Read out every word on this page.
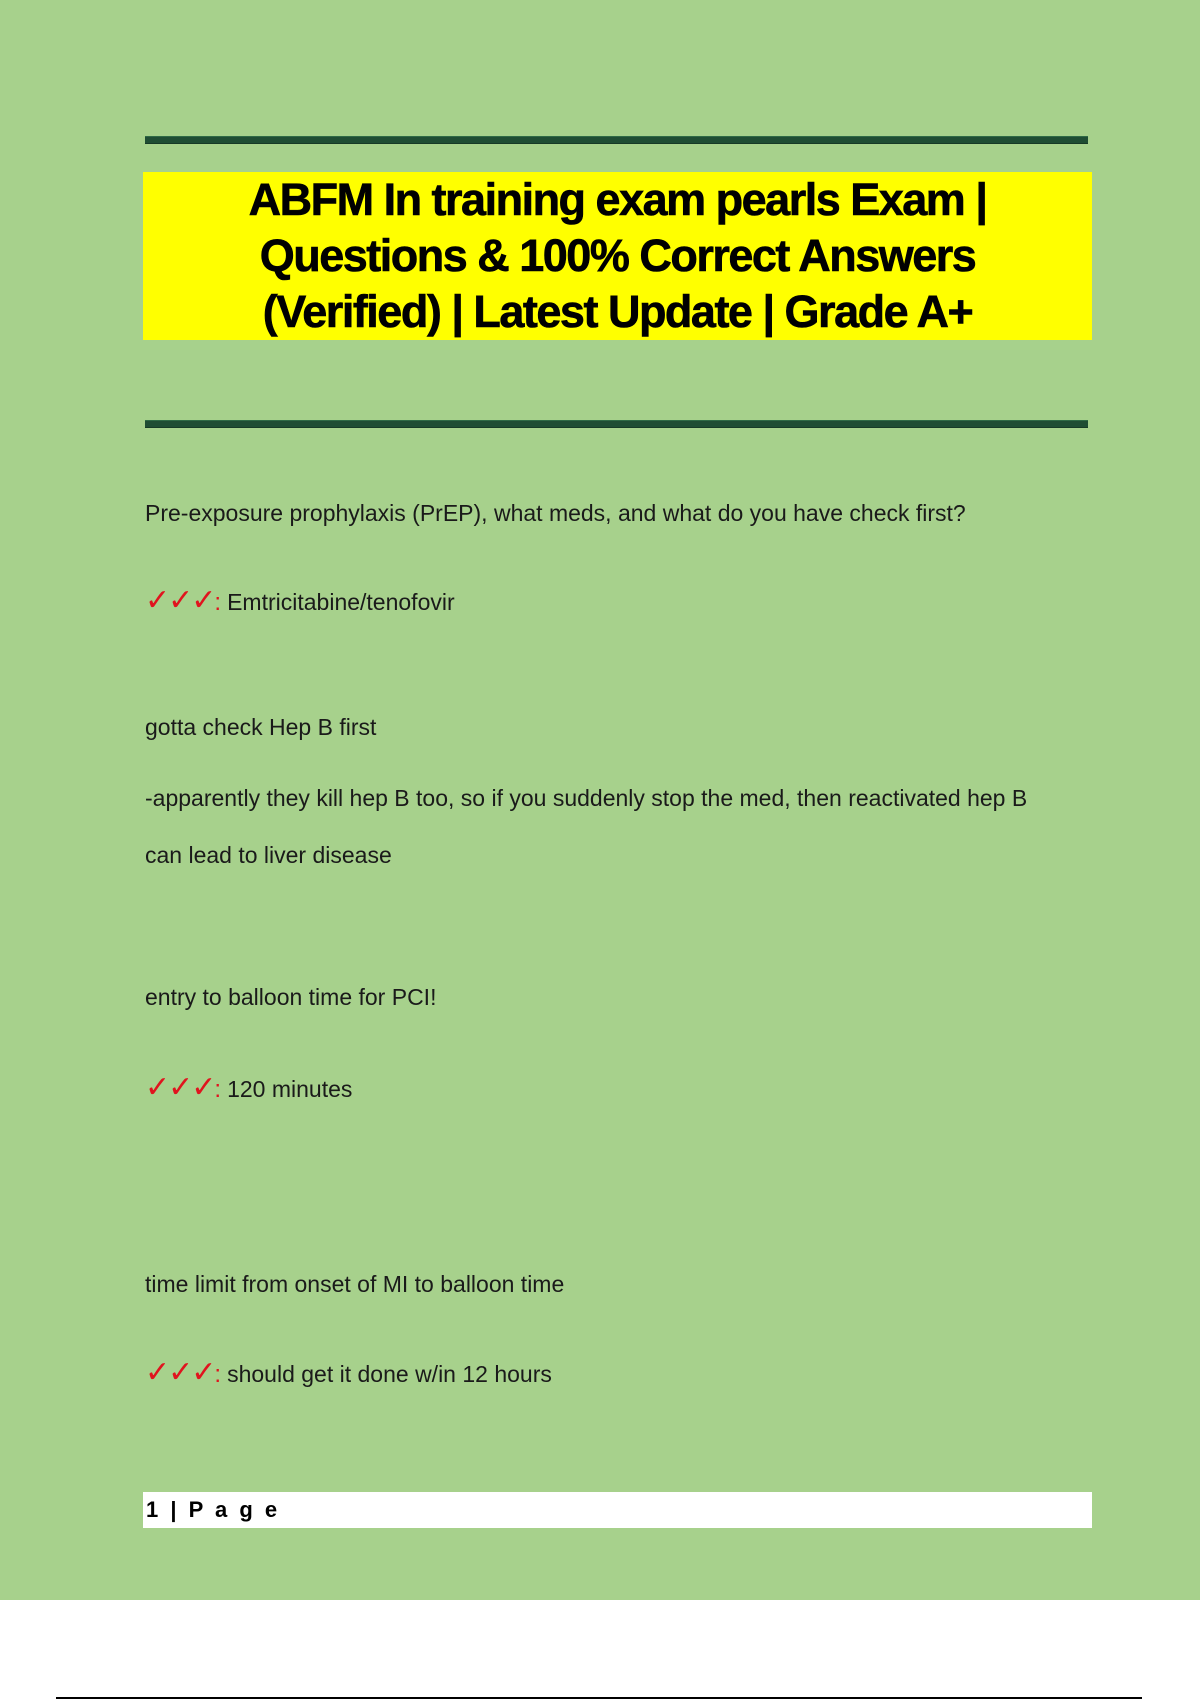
ABFM In training exam pearls Exam | Questions & 100% Correct Answers (Verified) | Latest Update | Grade A+

Pre-exposure prophylaxis (PrEP), what meds, and what do you have check first?

✓✓✓ : Emtricitabine/tenofovir

gotta check Hep B first

-apparently they kill hep B too, so if you suddenly stop the med, then reactivated hep B

can lead to liver disease

entry to balloon time for PCI!

✓✓✓ : 120 minutes

time limit from onset of MI to balloon time

✓✓✓ : should get it done w/in 12 hours
1 | P a g e
